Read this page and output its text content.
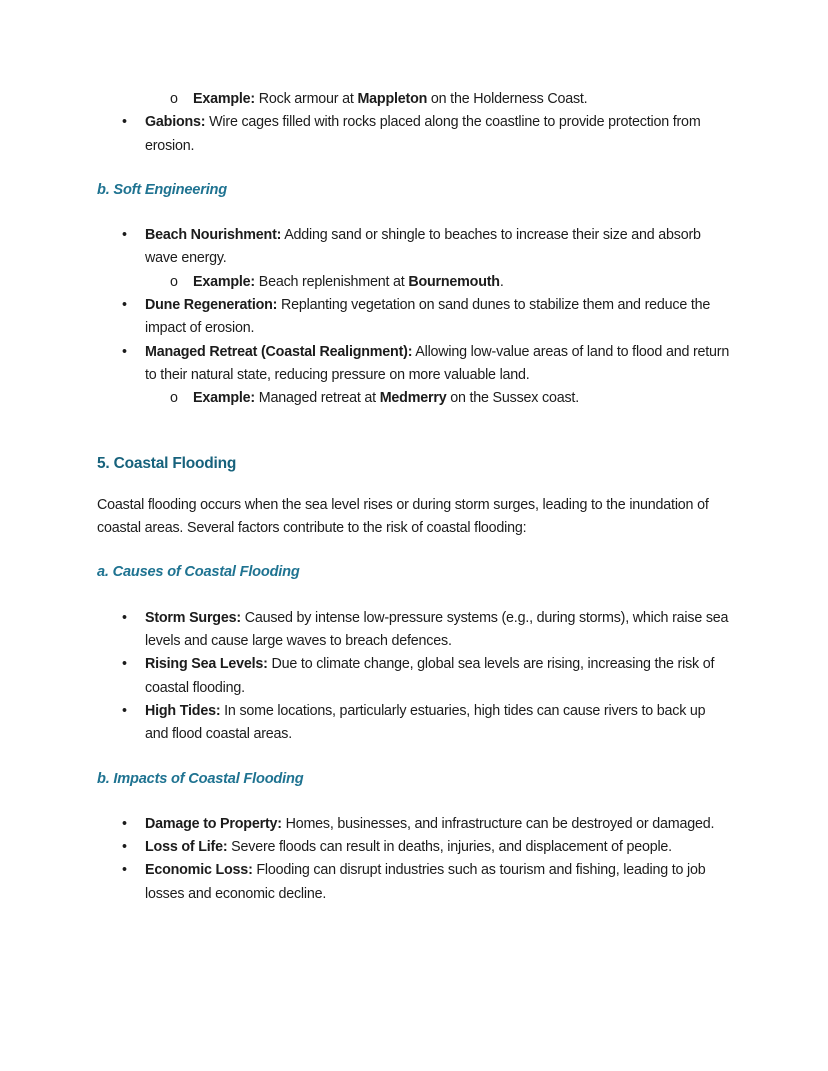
o Example: Rock armour at Mappleton on the Holderness Coast.
• Gabions: Wire cages filled with rocks placed along the coastline to provide protection from erosion.
b. Soft Engineering
• Beach Nourishment: Adding sand or shingle to beaches to increase their size and absorb wave energy.
o Example: Beach replenishment at Bournemouth.
• Dune Regeneration: Replanting vegetation on sand dunes to stabilize them and reduce the impact of erosion.
• Managed Retreat (Coastal Realignment): Allowing low-value areas of land to flood and return to their natural state, reducing pressure on more valuable land.
o Example: Managed retreat at Medmerry on the Sussex coast.
5. Coastal Flooding

Coastal flooding occurs when the sea level rises or during storm surges, leading to the inundation of coastal areas. Several factors contribute to the risk of coastal flooding:

a. Causes of Coastal Flooding
• Storm Surges: Caused by intense low-pressure systems (e.g., during storms), which raise sea levels and cause large waves to breach defences.
• Rising Sea Levels: Due to climate change, global sea levels are rising, increasing the risk of coastal flooding.
• High Tides: In some locations, particularly estuaries, high tides can cause rivers to back up and flood coastal areas.
b. Impacts of Coastal Flooding
• Damage to Property: Homes, businesses, and infrastructure can be destroyed or damaged.
• Loss of Life: Severe floods can result in deaths, injuries, and displacement of people.
• Economic Loss: Flooding can disrupt industries such as tourism and fishing, leading to job losses and economic decline.
